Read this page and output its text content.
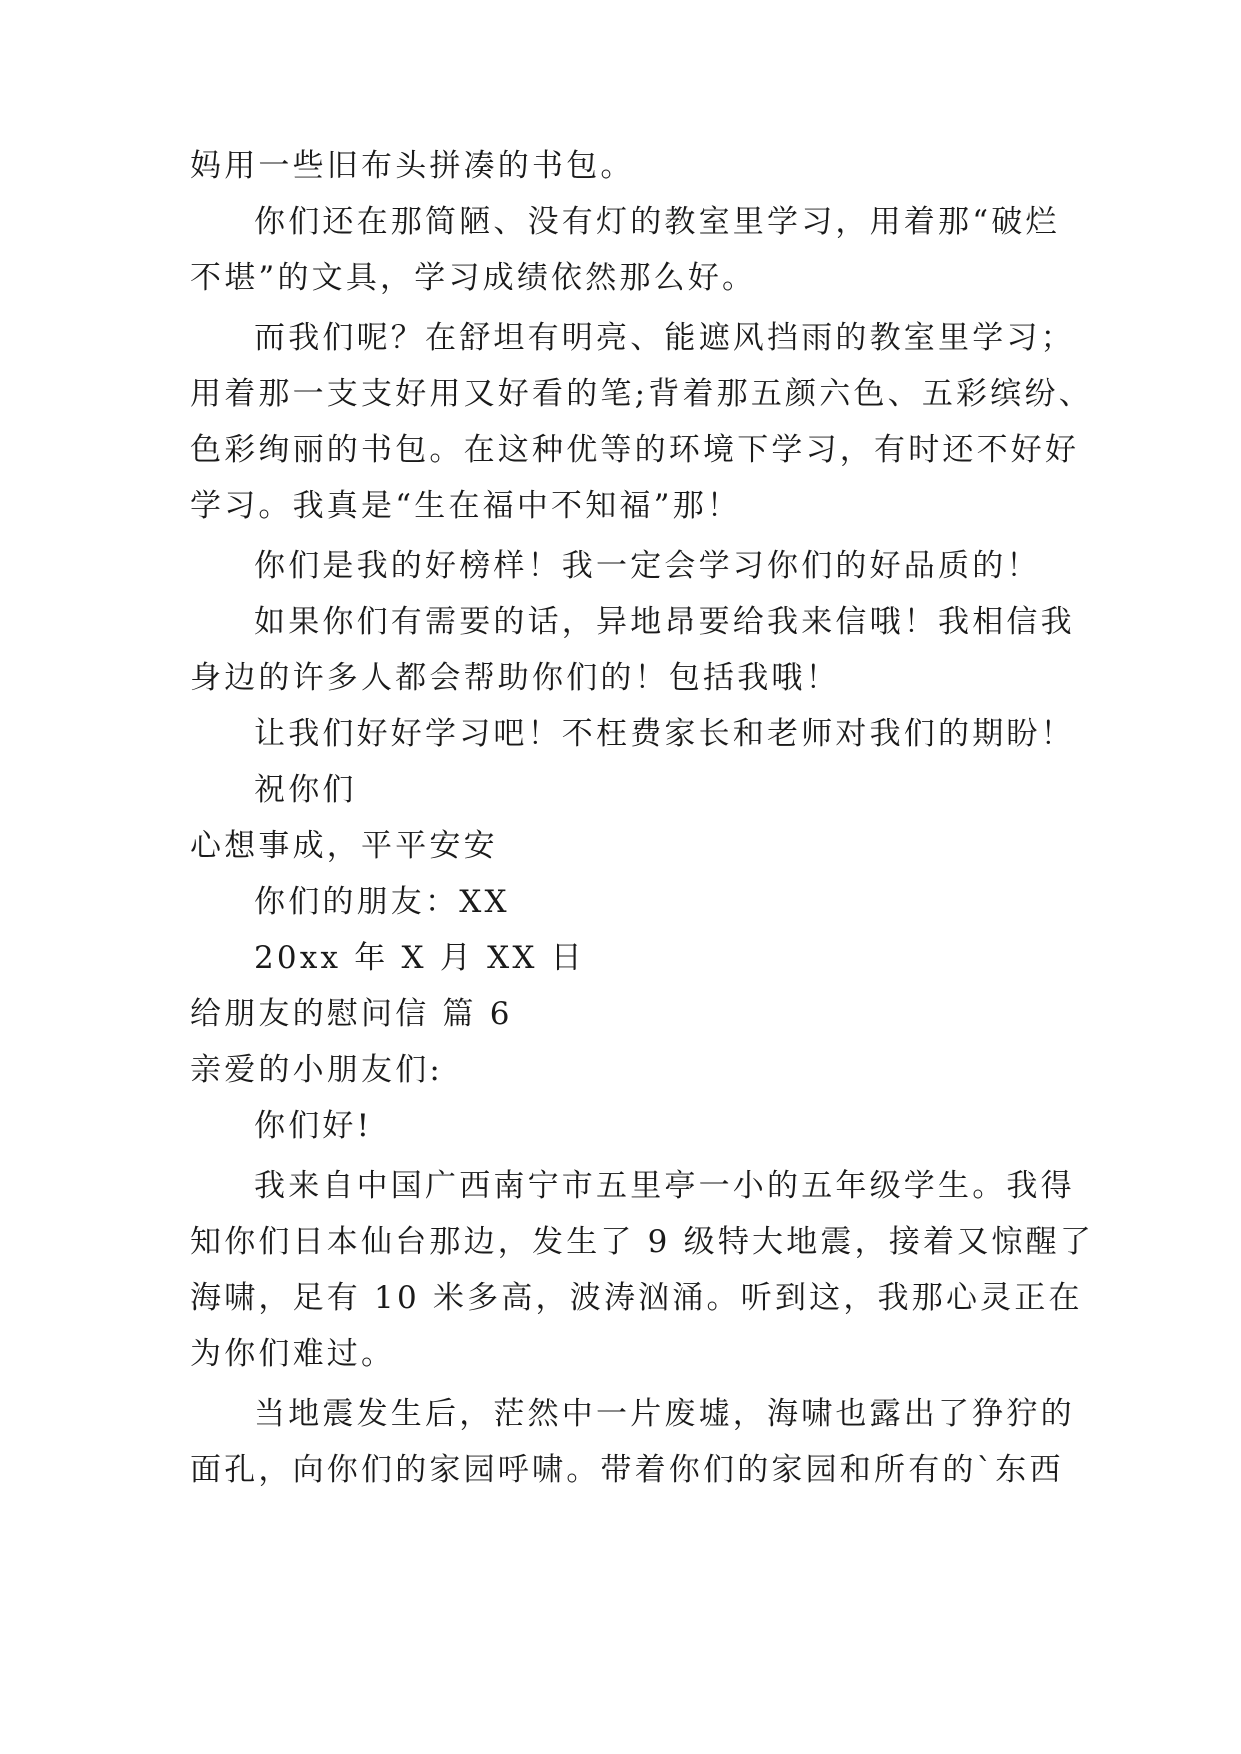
妈用一些旧布头拼凑的书包。
你们还在那简陋、没有灯的教室里学习，用着那“破烂
不堪”的文具，学习成绩依然那么好。
而我们呢？在舒坦有明亮、能遮风挡雨的教室里学习；
用着那一支支好用又好看的笔;背着那五颜六色、五彩缤纷、
色彩绚丽的书包。在这种优等的环境下学习，有时还不好好
学习。我真是“生在福中不知福”那！
你们是我的好榜样！我一定会学习你们的好品质的！
如果你们有需要的话，异地昂要给我来信哦！我相信我
身边的许多人都会帮助你们的！包括我哦！
让我们好好学习吧！不枉费家长和老师对我们的期盼！
祝你们
心想事成，平平安安
你们的朋友：XX
20xx 年 X 月 XX 日
给朋友的慰问信 篇 6
亲爱的小朋友们:
你们好!
我来自中国广西南宁市五里亭一小的五年级学生。我得
知你们日本仙台那边，发生了 9 级特大地震，接着又惊醒了
海啸，足有 10 米多高，波涛汹涌。听到这，我那心灵正在
为你们难过。
当地震发生后，茫然中一片废墟，海啸也露出了狰狞的
面孔，向你们的家园呼啸。带着你们的家园和所有的`东西
